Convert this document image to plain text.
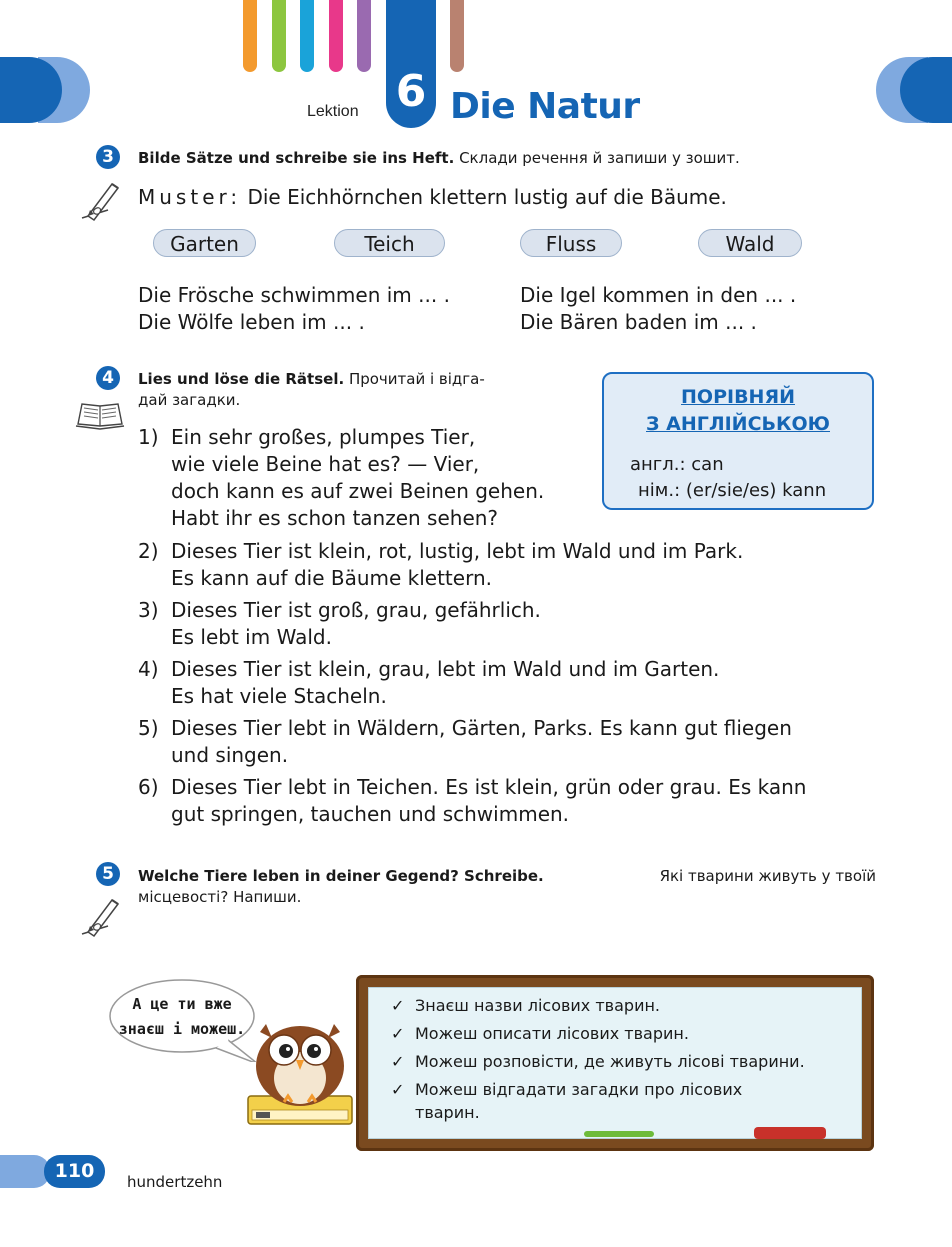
Lektion 6 Die Natur
3	Bilde Sätze und schreibe sie ins Heft. Склади речення й запиши у зошит.
Muster: Die Eichhörnchen klettern lustig auf die Bäume.
Garten	Teich	Fluss	Wald
Die Frösche schwimmen im ... .
Die Wölfe leben im ... .
Die Igel kommen in den ... .
Die Bären baden im ... .
4	Lies und löse die Rätsel. Прочитай і відга-
дай загадки.
1) Ein sehr großes, plumpes Tier,
wie viele Beine hat es? — Vier,
doch kann es auf zwei Beinen gehen.
Habt ihr es schon tanzen sehen?
2) Dieses Tier ist klein, rot, lustig, lebt im Wald und im Park.
Es kann auf die Bäume klettern.
3) Dieses Tier ist groß, grau, gefährlich.
Es lebt im Wald.
4) Dieses Tier ist klein, grau, lebt im Wald und im Garten.
Es hat viele Stacheln.
5) Dieses Tier lebt in Wäldern, Gärten, Parks. Es kann gut fliegen
und singen.
6) Dieses Tier lebt in Teichen. Es ist klein, grün oder grau. Es kann
gut springen, tauchen und schwimmen.
ПОРІВНЯЙ
З АНГЛІЙСЬКОЮ
англ.: can
нім.: (er/sie/es) kann
5	Welche Tiere leben in deiner Gegend? Schreibe.	Які тварини живуть у твоїй
місцевості? Напиши.
А це ти вже
знаєш і можеш.
✓ Знаєш назви лісових тварин.
✓ Можеш описати лісових тварин.
✓ Можеш розповісти, де живуть лісові тварини.
✓ Можеш відгадати загадки про лісових
тварин.
110	hundertzehn
